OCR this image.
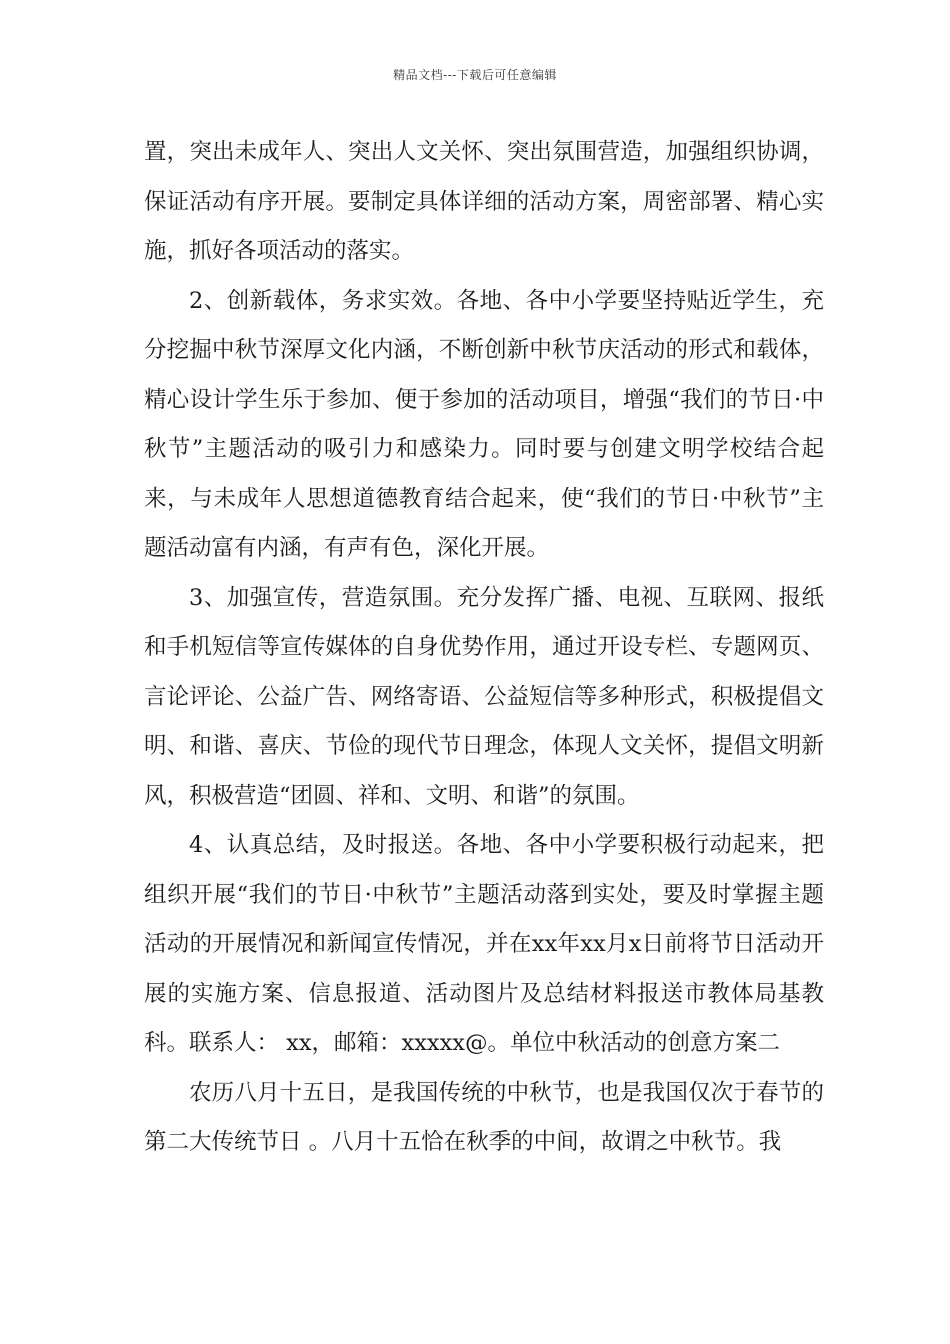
精品文档---下载后可任意编辑

置，突出未成年人、突出人文关怀、突出氛围营造，加强组织协调，保证活动有序开展。要制定具体详细的活动方案，周密部署、精心实施，抓好各项活动的落实。

2、创新载体，务求实效。各地、各中小学要坚持贴近学生，充分挖掘中秋节深厚文化内涵，不断创新中秋节庆活动的形式和载体，精心设计学生乐于参加、便于参加的活动项目，增强“我们的节日·中秋节”主题活动的吸引力和感染力。同时要与创建文明学校结合起来，与未成年人思想道德教育结合起来，使“我们的节日·中秋节”主题活动富有内涵，有声有色，深化开展。

3、加强宣传，营造氛围。充分发挥广播、电视、互联网、报纸和手机短信等宣传媒体的自身优势作用，通过开设专栏、专题网页、言论评论、公益广告、网络寄语、公益短信等多种形式，积极提倡文明、和谐、喜庆、节俭的现代节日理念，体现人文关怀，提倡文明新风，积极营造“团圆、祥和、文明、和谐”的氛围。

4、认真总结，及时报送。各地、各中小学要积极行动起来，把组织开展“我们的节日·中秋节”主题活动落到实处，要及时掌握主题活动的开展情况和新闻宣传情况，并在xx年xx月x日前将节日活动开展的实施方案、信息报道、活动图片及总结材料报送市教体局基教科。联系人： xx，邮箱：xxxxx@。单位中秋活动的创意方案二

农历八月十五日，是我国传统的中秋节，也是我国仅次于春节的第二大传统节日 。八月十五恰在秋季的中间，故谓之中秋节。我
